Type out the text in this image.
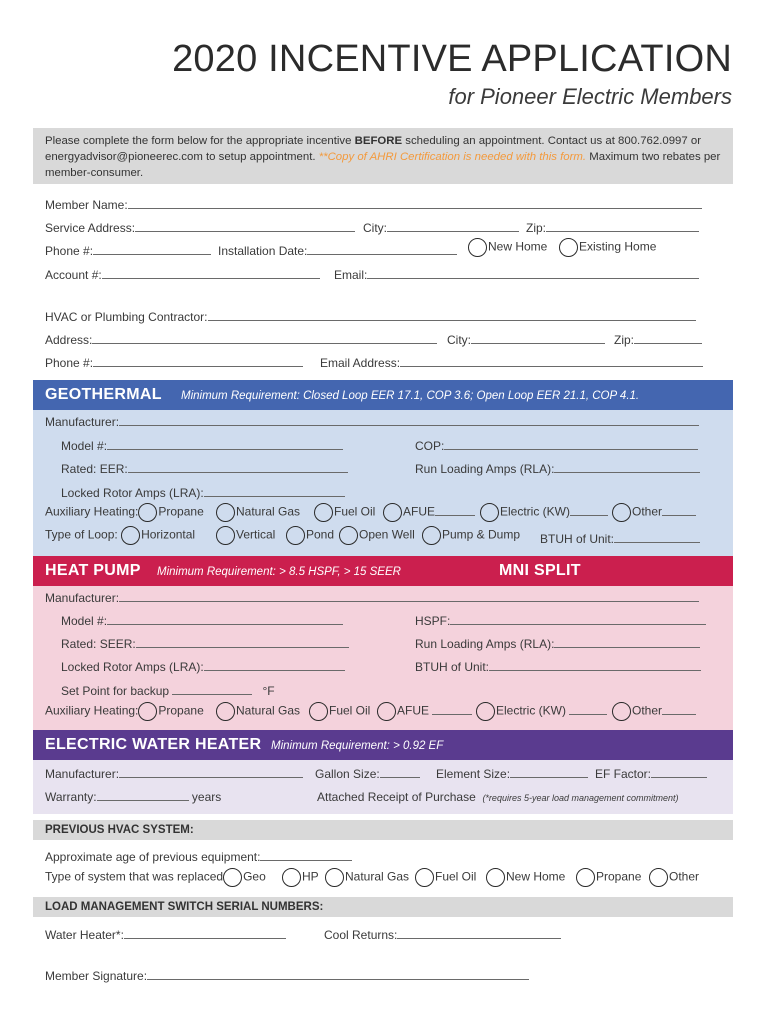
2020 INCENTIVE APPLICATION
for Pioneer Electric Members
Please complete the form below for the appropriate incentive BEFORE scheduling an appointment. Contact us at 800.762.0997 or energyadvisor@pioneerec.com to setup appointment. **Copy of AHRI Certification is needed with this form. Maximum two rebates per member-consumer.
Member Name:
Service Address:	City:	Zip:
Phone #:	Installation Date:	New Home	Existing Home
Account #:	Email:
HVAC or Plumbing Contractor:
Address:	City:	Zip:
Phone #:	Email Address:
GEOTHERMAL Minimum Requirement: Closed Loop EER 17.1, COP 3.6; Open Loop EER 21.1, COP 4.1.
Manufacturer:
Model #:	COP:
Rated: EER:	Run Loading Amps (RLA):
Locked Rotor Amps (LRA):
Auxiliary Heating: Propane	Natural Gas	Fuel Oil	AFUE	Electric (KW)	Other
Type of Loop: Horizontal	Vertical	Pond	Open Well	Pump & Dump BTUH of Unit:
HEAT PUMP Minimum Requirement: > 8.5 HSPF, > 15 SEER	MNI SPLIT
Manufacturer:
Model #:	HSPF:
Rated: SEER:	Run Loading Amps (RLA):
Locked Rotor Amps (LRA):	BTUH of Unit:
Set Point for backup	°F
Auxiliary Heating: Propane	Natural Gas	Fuel Oil	AFUE	Electric (KW)	Other
ELECTRIC WATER HEATER Minimum Requirement: > 0.92 EF
Manufacturer:	Gallon Size:	Element Size:	EF Factor:
Warranty:	years	Attached Receipt of Purchase (*requires 5-year load management commitment)
PREVIOUS HVAC SYSTEM:
Approximate age of previous equipment:
Type of system that was replaced Geo	HP	Natural Gas	Fuel Oil	New Home	Propane	Other
LOAD MANAGEMENT SWITCH SERIAL NUMBERS:
Water Heater*:	Cool Returns:
Member Signature:
